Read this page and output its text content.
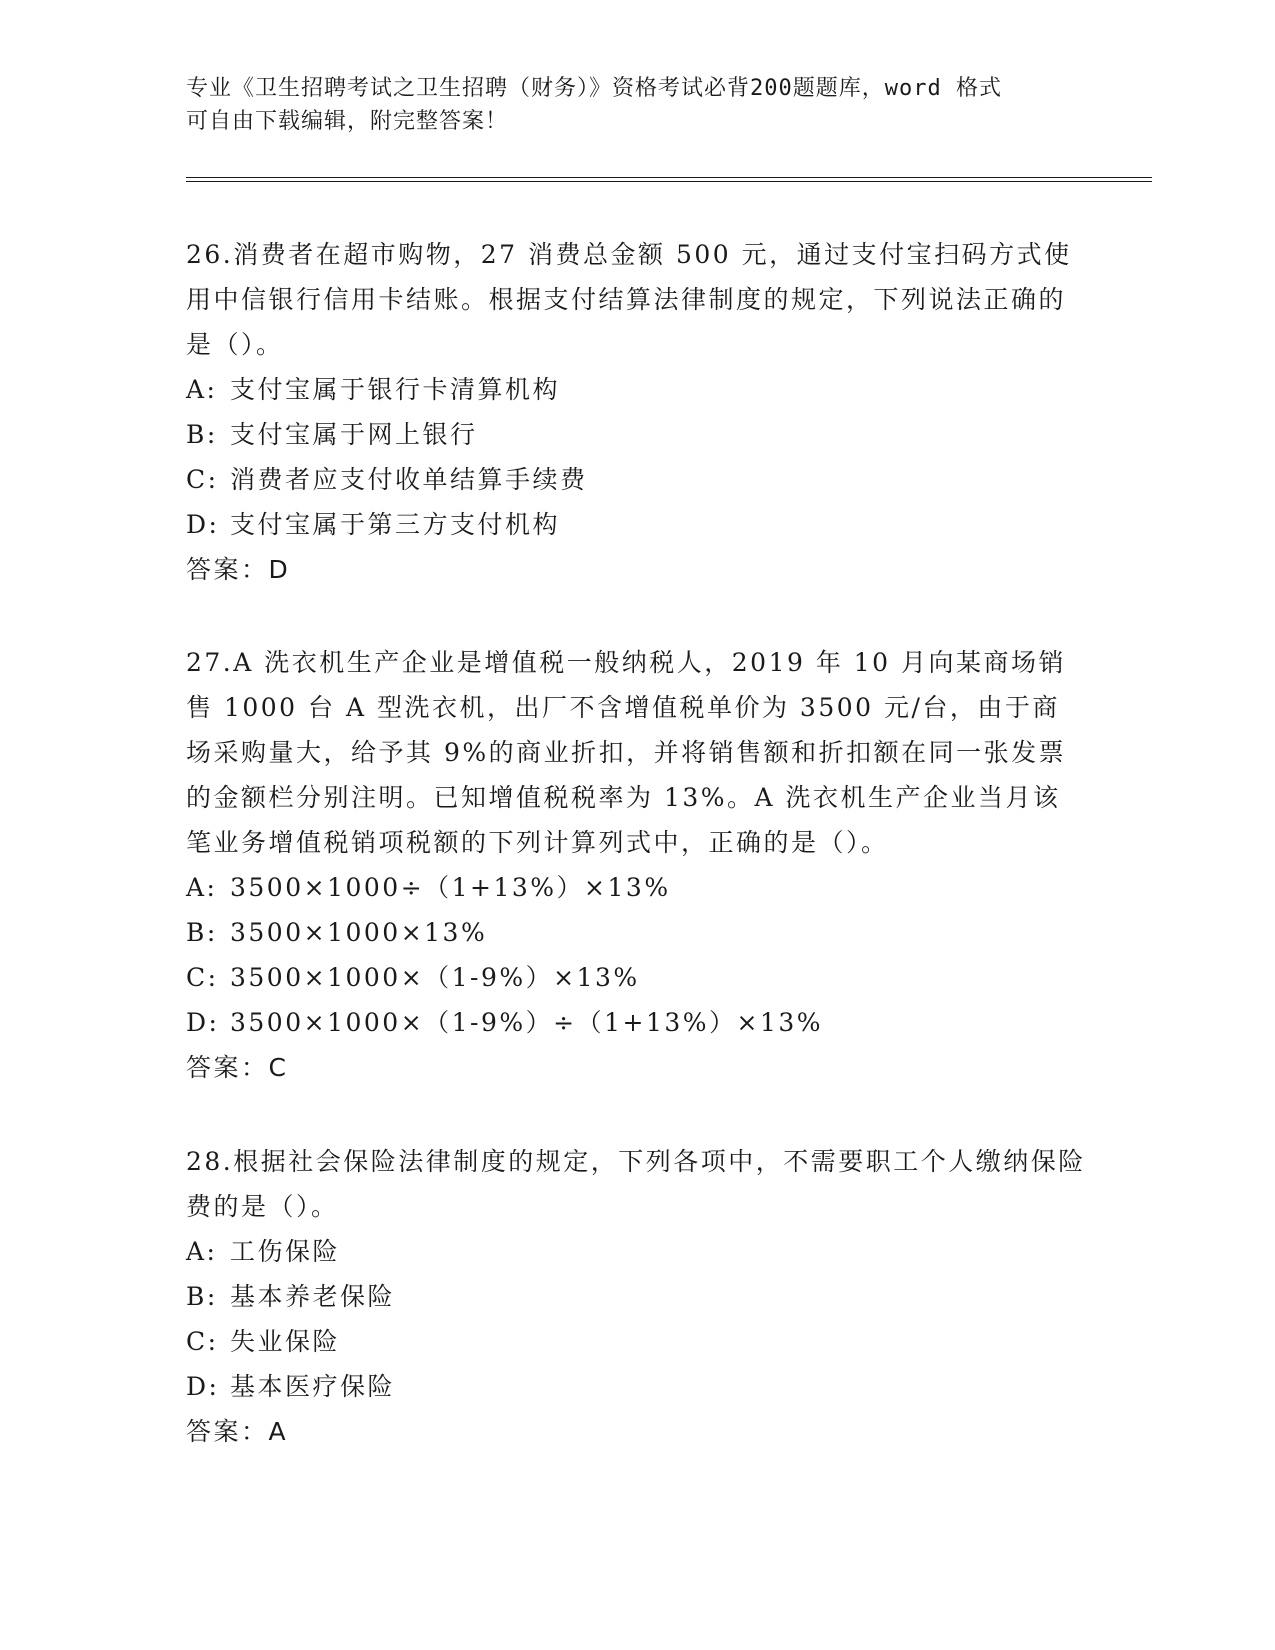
专业《卫生招聘考试之卫生招聘（财务）》资格考试必背200题题库，word 格式
可自由下载编辑，附完整答案！
26.消费者在超市购物，27 消费总金额 500 元，通过支付宝扫码方式使用中信银行信用卡结账。根据支付结算法律制度的规定，下列说法正确的是（）。
A: 支付宝属于银行卡清算机构
B: 支付宝属于网上银行
C: 消费者应支付收单结算手续费
D: 支付宝属于第三方支付机构
答案：D
27.A 洗衣机生产企业是增值税一般纳税人，2019 年 10 月向某商场销售 1000 台 A 型洗衣机，出厂不含增值税单价为 3500 元/台，由于商场采购量大，给予其 9%的商业折扣，并将销售额和折扣额在同一张发票的金额栏分别注明。已知增值税税率为 13%。A 洗衣机生产企业当月该笔业务增值税销项税额的下列计算列式中，正确的是（）。
A: 3500×1000÷（1+13%）×13%
B: 3500×1000×13%
C: 3500×1000×（1-9%）×13%
D: 3500×1000×（1-9%）÷（1+13%）×13%
答案：C
28.根据社会保险法律制度的规定，下列各项中，不需要职工个人缴纳保险费的是（）。
A: 工伤保险
B: 基本养老保险
C: 失业保险
D: 基本医疗保险
答案：A
